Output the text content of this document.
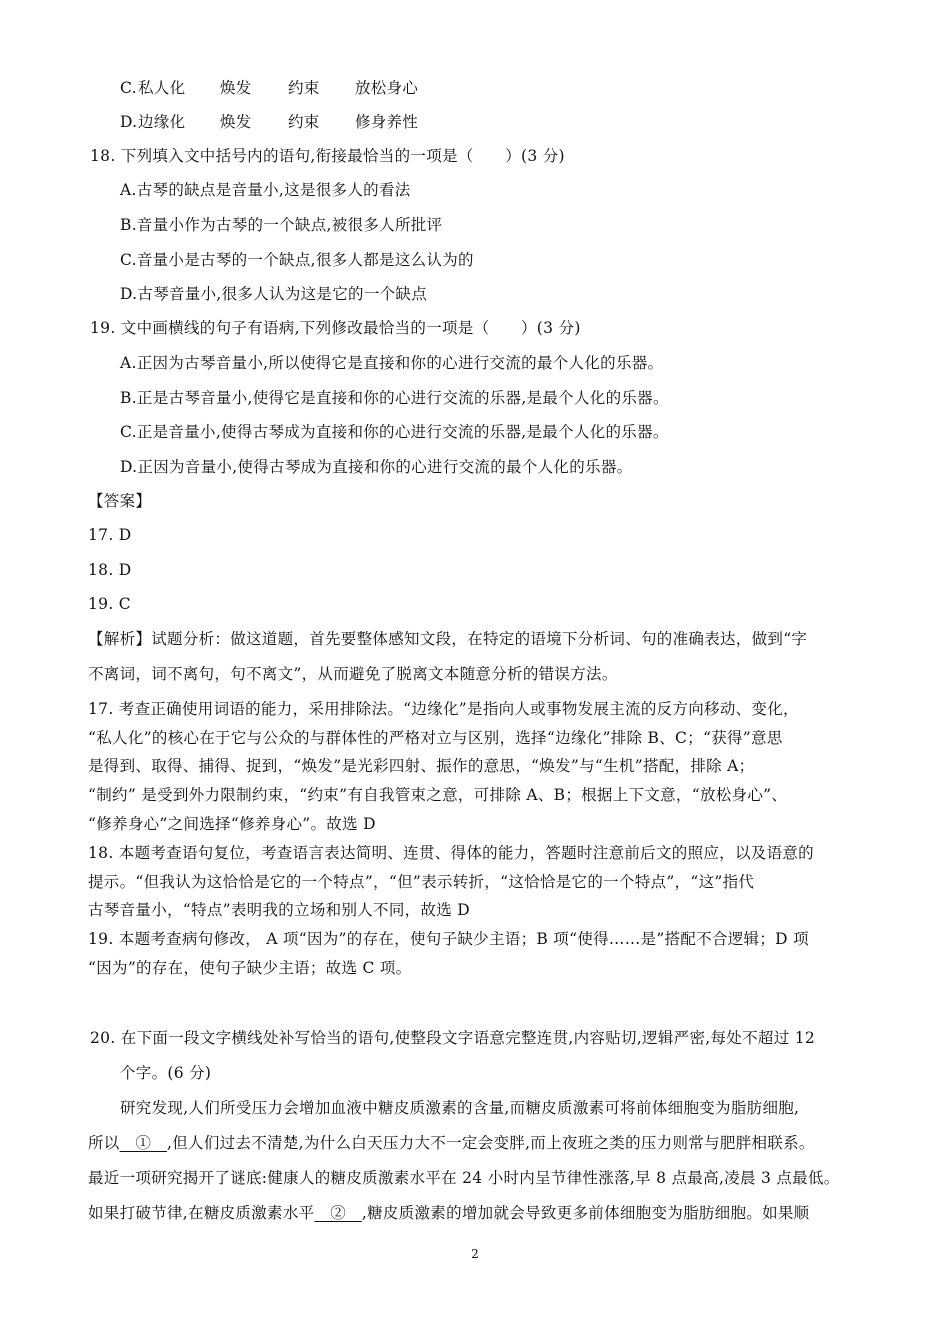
C. 私人化 焕发 约束 放松身心
D. 边缘化 焕发 约束 修身养性
18. 下列填入文中括号内的语句,衔接最恰当的一项是（　　）(3 分)
A.古琴的缺点是音量小,这是很多人的看法
B.音量小作为古琴的一个缺点,被很多人所批评
C.音量小是古琴的一个缺点,很多人都是这么认为的
D.古琴音量小,很多人认为这是它的一个缺点
19. 文中画横线的句子有语病,下列修改最恰当的一项是（　　）(3 分)
A.正因为古琴音量小,所以使得它是直接和你的心进行交流的最个人化的乐器。
B.正是古琴音量小,使得它是直接和你的心进行交流的乐器,是最个人化的乐器。
C.正是音量小,使得古琴成为直接和你的心进行交流的乐器,是最个人化的乐器。
D.正因为音量小,使得古琴成为直接和你的心进行交流的最个人化的乐器。
【答案】
17. D
18. D
19. C
【解析】试题分析：做这道题，首先要整体感知文段，在特定的语境下分析词、句的准确表达，做到“字
不离词，词不离句，句不离文”，从而避免了脱离文本随意分析的错误方法。
17. 考查正确使用词语的能力，采用排除法。“边缘化”是指向人或事物发展主流的反方向移动、变化，
“私人化”的核心在于它与公众的与群体性的严格对立与区别，选择“边缘化”排除 B、C；“获得”意思
是得到、取得、捕得、捉到，“焕发”是光彩四射、振作的意思，“焕发”与“生机”搭配，排除 A；
“制约” 是受到外力限制约束，“约束”有自我管束之意，可排除 A、B；根据上下文意，“放松身心”、
“修养身心”之间选择“修养身心”。故选 D
18. 本题考查语句复位，考查语言表达简明、连贯、得体的能力，答题时注意前后文的照应，以及语意的
提示。“但我认为这恰恰是它的一个特点”，“但”表示转折，“这恰恰是它的一个特点”，“这”指代
古琴音量小，“特点”表明我的立场和别人不同，故选 D
19. 本题考查病句修改， A 项“因为”的存在，使句子缺少主语；B 项“使得……是”搭配不合逻辑；D 项
“因为”的存在，使句子缺少主语；故选 C 项。
20. 在下面一段文字横线处补写恰当的语句,使整段文字语意完整连贯,内容贴切,逻辑严密,每处不超过 12
个字。(6 分)
研究发现,人们所受压力会增加血液中糖皮质激素的含量,而糖皮质激素可将前体细胞变为脂肪细胞,
所以　①　,但人们过去不清楚,为什么白天压力大不一定会变胖,而上夜班之类的压力则常与肥胖相联系。
最近一项研究揭开了谜底:健康人的糖皮质激素水平在 24 小时内呈节律性涨落,早 8 点最高,凌晨 3 点最低。
如果打破节律,在糖皮质激素水平　②　,糖皮质激素的增加就会导致更多前体细胞变为脂肪细胞。如果顺
2
